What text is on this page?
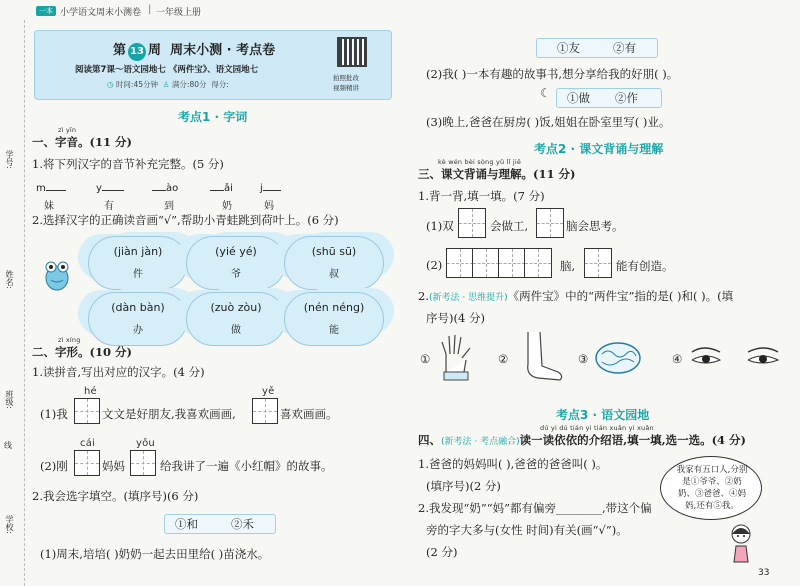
一本 小学语文周末小测卷 | 一年级上册
学号:
姓名:
班级:
线
学校:
第 13 周 周末小测 · 考点卷
阅读第7课～语文园地七 《两件宝》、语文园地七
◷ 时间:45分钟 ♙ 满分:80分 得分:
拍照批改
视频精讲
考点1 · 字词
zì yīn
一、字音。(11 分)
1.将下列汉字的音节补充完整。(5 分)
m
妹
y
有
ào
到
ǎi
奶
j
妈
2.选择汉字的正确读音画“√”,帮助小青蛙跳到荷叶上。(6 分)
(jiàn jàn)
件
(yié yé)
爷
(shū sū)
叔
(dàn bàn)
办
(zuò zòu)
做
(nén néng)
能
zì xíng
二、字形。(10 分)
1.读拼音,写出对应的汉字。(4 分)
hé	yě
(1)我	文文是好朋友,我喜欢画画,	喜欢画画。
cái	yǒu
(2)刚	妈妈	给我讲了一遍《小红帽》的故事。
2.我会选字填空。(填序号)(6 分)
①和	②禾
(1)周末,培培( )奶奶一起去田里给( )苗浇水。
①友	②有
(2)我( )一本有趣的故事书,想分享给我的好朋( )。
☾ ①做 ②作
(3)晚上,爸爸在厨房( )饭,姐姐在卧室里写( )业。
考点2 · 课文背诵与理解
kè wén bèi sòng yǔ lǐ jiě
三、课文背诵与理解。(11 分)
1.背一背,填一填。(7 分)
(1)双	会做工,	脑会思考。
(2)	脑,	能有创造。
2.(新考法 · 思维提升)《两件宝》中的“两件宝”指的是( )和( )。(填
序号)(4 分)
①	②	③	④
考点3 · 语文园地
dú yi dú tián yi tián xuǎn yi xuǎn
四、(新考法 · 考点融合)读一读依依的介绍语,填一填,选一选。(4 分)
1.爸爸的妈妈叫( ),爸爸的爸爸叫( )。
(填序号)(2 分)
2.我发现“奶”“妈”都有偏旁________,带这个偏
旁的字大多与(女性 时间)有关(画“√”)。
(2 分)
我家有五口人,分别是①爷爷、②奶奶、③爸爸、④妈妈,还有⑤我。
33
